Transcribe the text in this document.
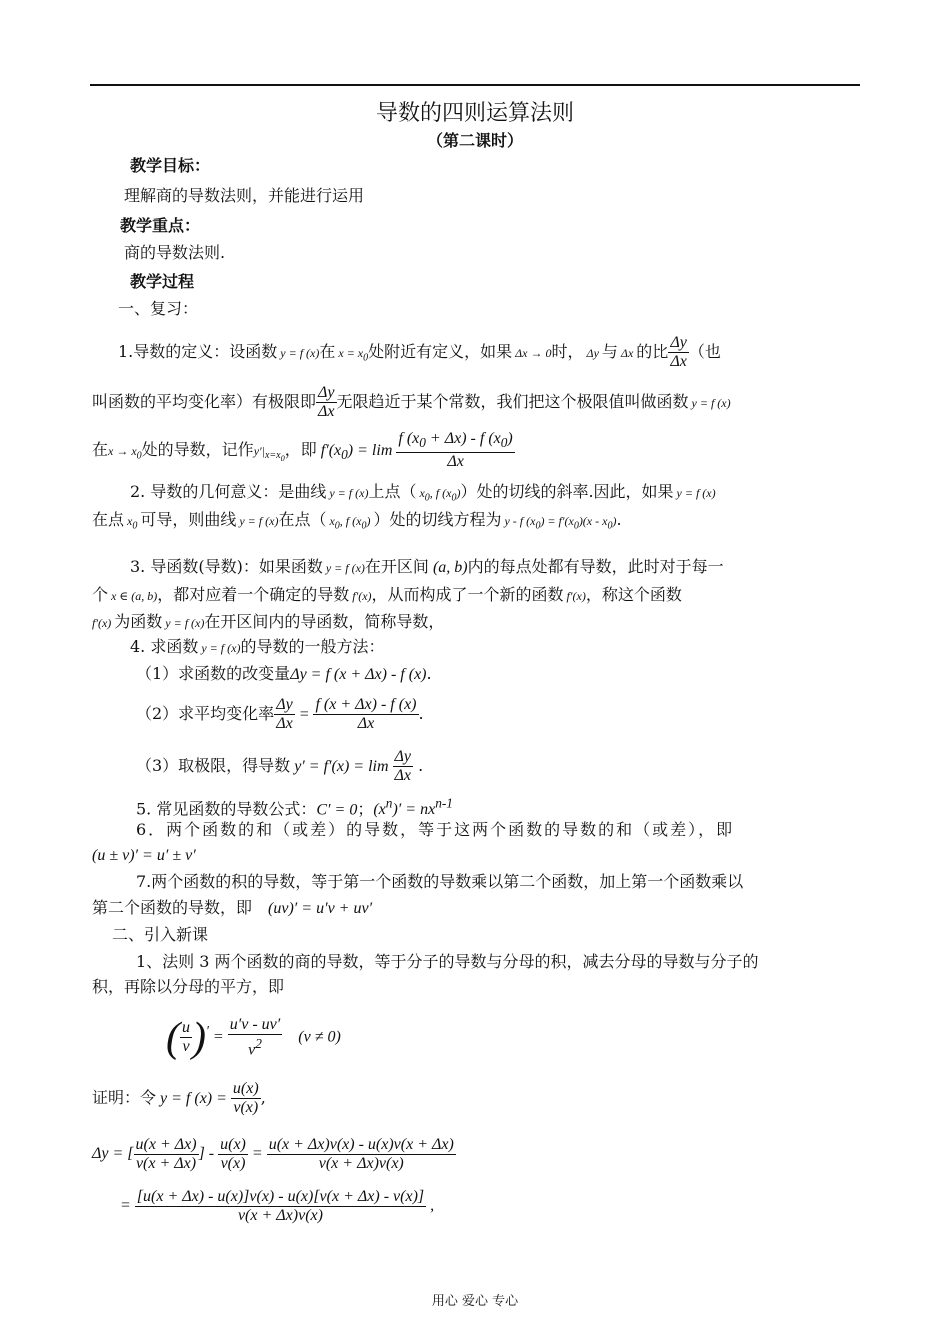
导数的四则运算法则
（第二课时）
教学目标：
理解商的导数法则，并能进行运用
教学重点：
商的导数法则.
教学过程
一、复习：
1.导数的定义：设函数 y = f (x)在 $x = x_0$处附近有定义，如果 Δx → 0时， Δy 与 Δx 的比 $\frac{\Delta y}{\Delta x}$ （也
叫函数的平均变化率）有极限即 $\frac{\Delta y}{\Delta x}$ 无限趋近于某个常数，我们把这个极限值叫做函数 y = f (x)
在$x \to x_0$处的导数，记作$y'|_{x=x_0}$，即 $f'(x_0) = \lim \frac{f (x_0 + \Delta x) - f (x_0)}{\Delta x}$
2. 导数的几何意义：是曲线 y = f (x)上点（ $x_0$, f $(x_0)$）处的切线的斜率.因此，如果 y = f (x)
在点 $x_0$ 可导，则曲线 y = f (x)在点（ $x_0$, f $(x_0)$ ）处的切线方程为 y - f $(x_0) = f'(x_0)(x - x_0)$.
3. 导函数(导数)：如果函数 y = f (x)在开区间 (a, b)内的每点处都有导数，此时对于每一
个 x ∈ (a, b)，都对应着一个确定的导数 f′(x)，从而构成了一个新的函数 f′(x)，称这个函数
f′(x) 为函数 y = f (x)在开区间内的导函数，简称导数，
4. 求函数 y = f (x)的导数的一般方法：
（1）求函数的改变量Δy = f (x + Δx) - f (x).
（2）求平均变化率 $\frac{\Delta y}{\Delta x} = \frac{f (x + \Delta x) - f (x)}{\Delta x}$ .
（3）取极限，得导数 $y' = f'(x) = \lim \frac{\Delta y}{\Delta x}$ .
5. 常见函数的导数公式：C′ = 0；$(x^n)' = nx^{n-1}$
6．两个函数的和（或差）的导数，等于这两个函数的导数的和（或差），即
(u ± v)′ = u′ ± v′
7.两个函数的积的导数，等于第一个函数的导数乘以第二个函数，加上第一个函数乘以
第二个函数的导数，即    (uv)′ = u′v + uv′
二、引入新课
1、法则 3 两个函数的商的导数，等于分子的导数与分母的积，减去分母的导数与分子的
积，再除以分母的平方，即
( $\frac{u}{v} )' = \frac{u'v - uv'}{v^2} (v \ne 0)$
证明：令 y = f $(x) = \frac{u(x)}{v(x)}$ ,
Δy = [ $\frac{u(x + \Delta x)}{v(x + \Delta x)}$ ] - $\frac{u(x)}{v(x)} = \frac{u(x + \Delta x)v(x) - u(x)v(x + \Delta x)}{v(x + \Delta x)v(x)}$
= $\frac{[u(x + \Delta x) - u(x)]v(x) - u(x)[v(x + \Delta x) - v(x)]}{v(x + \Delta x)v(x)}$ ,
用心 爱心 专心
